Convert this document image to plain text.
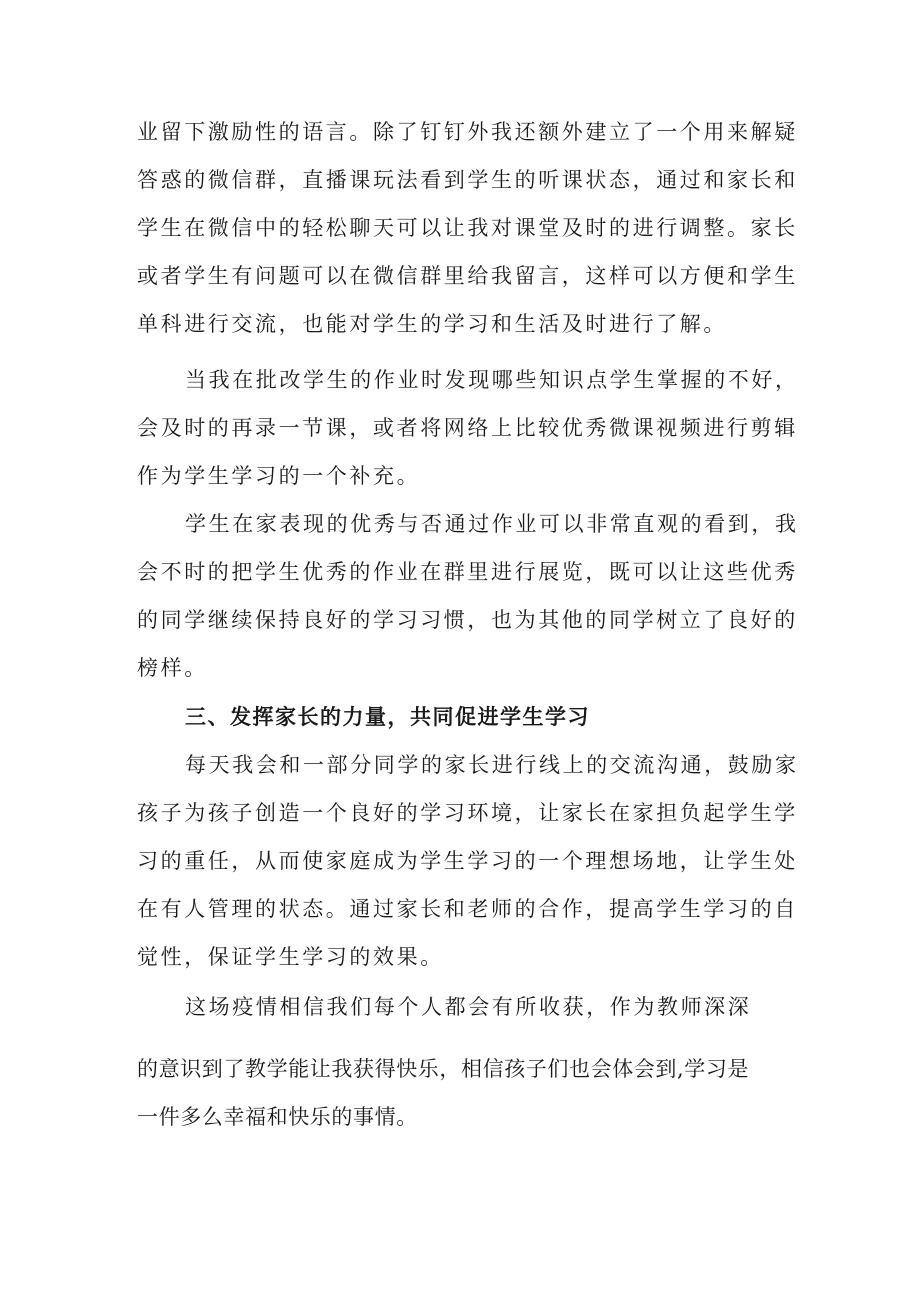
业留下激励性的语言。除了钉钉外我还额外建立了一个用来解疑
答惑的微信群，直播课玩法看到学生的听课状态，通过和家长和
学生在微信中的轻松聊天可以让我对课堂及时的进行调整。家长
或者学生有问题可以在微信群里给我留言，这样可以方便和学生
单科进行交流，也能对学生的学习和生活及时进行了解。

当我在批改学生的作业时发现哪些知识点学生掌握的不好，
会及时的再录一节课，或者将网络上比较优秀微课视频进行剪辑
作为学生学习的一个补充。

学生在家表现的优秀与否通过作业可以非常直观的看到，我
会不时的把学生优秀的作业在群里进行展览，既可以让这些优秀
的同学继续保持良好的学习习惯，也为其他的同学树立了良好的
榜样。

三、发挥家长的力量，共同促进学生学习

每天我会和一部分同学的家长进行线上的交流沟通，鼓励家
孩子为孩子创造一个良好的学习环境，让家长在家担负起学生学
习的重任，从而使家庭成为学生学习的一个理想场地，让学生处
在有人管理的状态。通过家长和老师的合作，提高学生学习的自
觉性，保证学生学习的效果。

这场疫情相信我们每个人都会有所收获，作为教师深深

的意识到了教学能让我获得快乐，相信孩子们也会体会到,学习是
一件多么幸福和快乐的事情。
